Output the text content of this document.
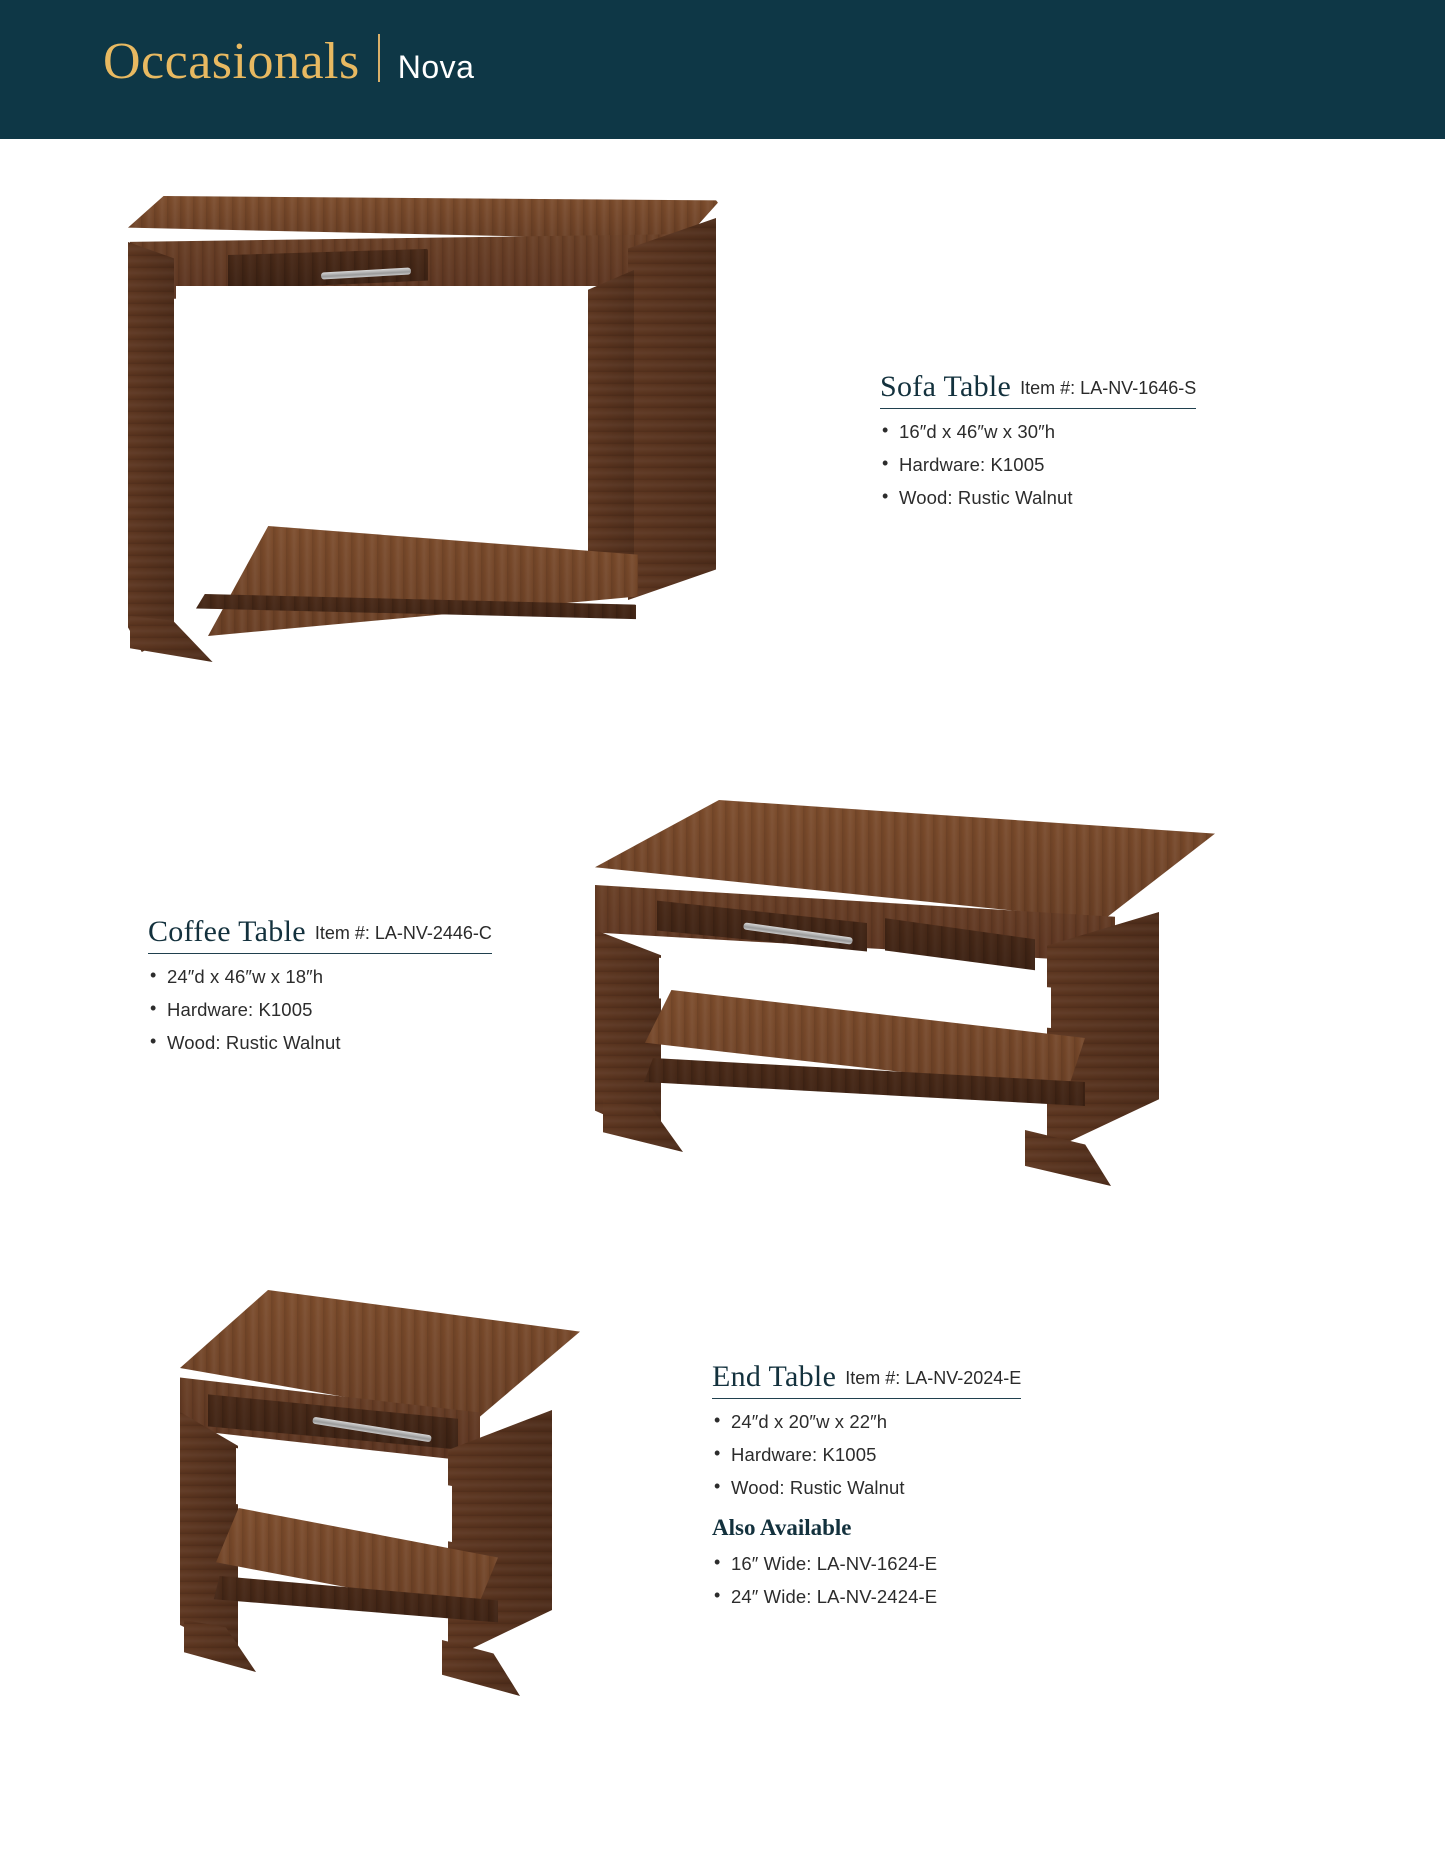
Occasionals Nova
Sofa Table Item #: LA-NV-1646-S
• 16″d x 46″w x 30″h
• Hardware: K1005
• Wood: Rustic Walnut
Coffee Table Item #: LA-NV-2446-C
• 24″d x 46″w x 18″h
• Hardware: K1005
• Wood: Rustic Walnut
End Table Item #: LA-NV-2024-E
• 24″d x 20″w x 22″h
• Hardware: K1005
• Wood: Rustic Walnut
Also Available
• 16″ Wide: LA-NV-1624-E
• 24″ Wide: LA-NV-2424-E
